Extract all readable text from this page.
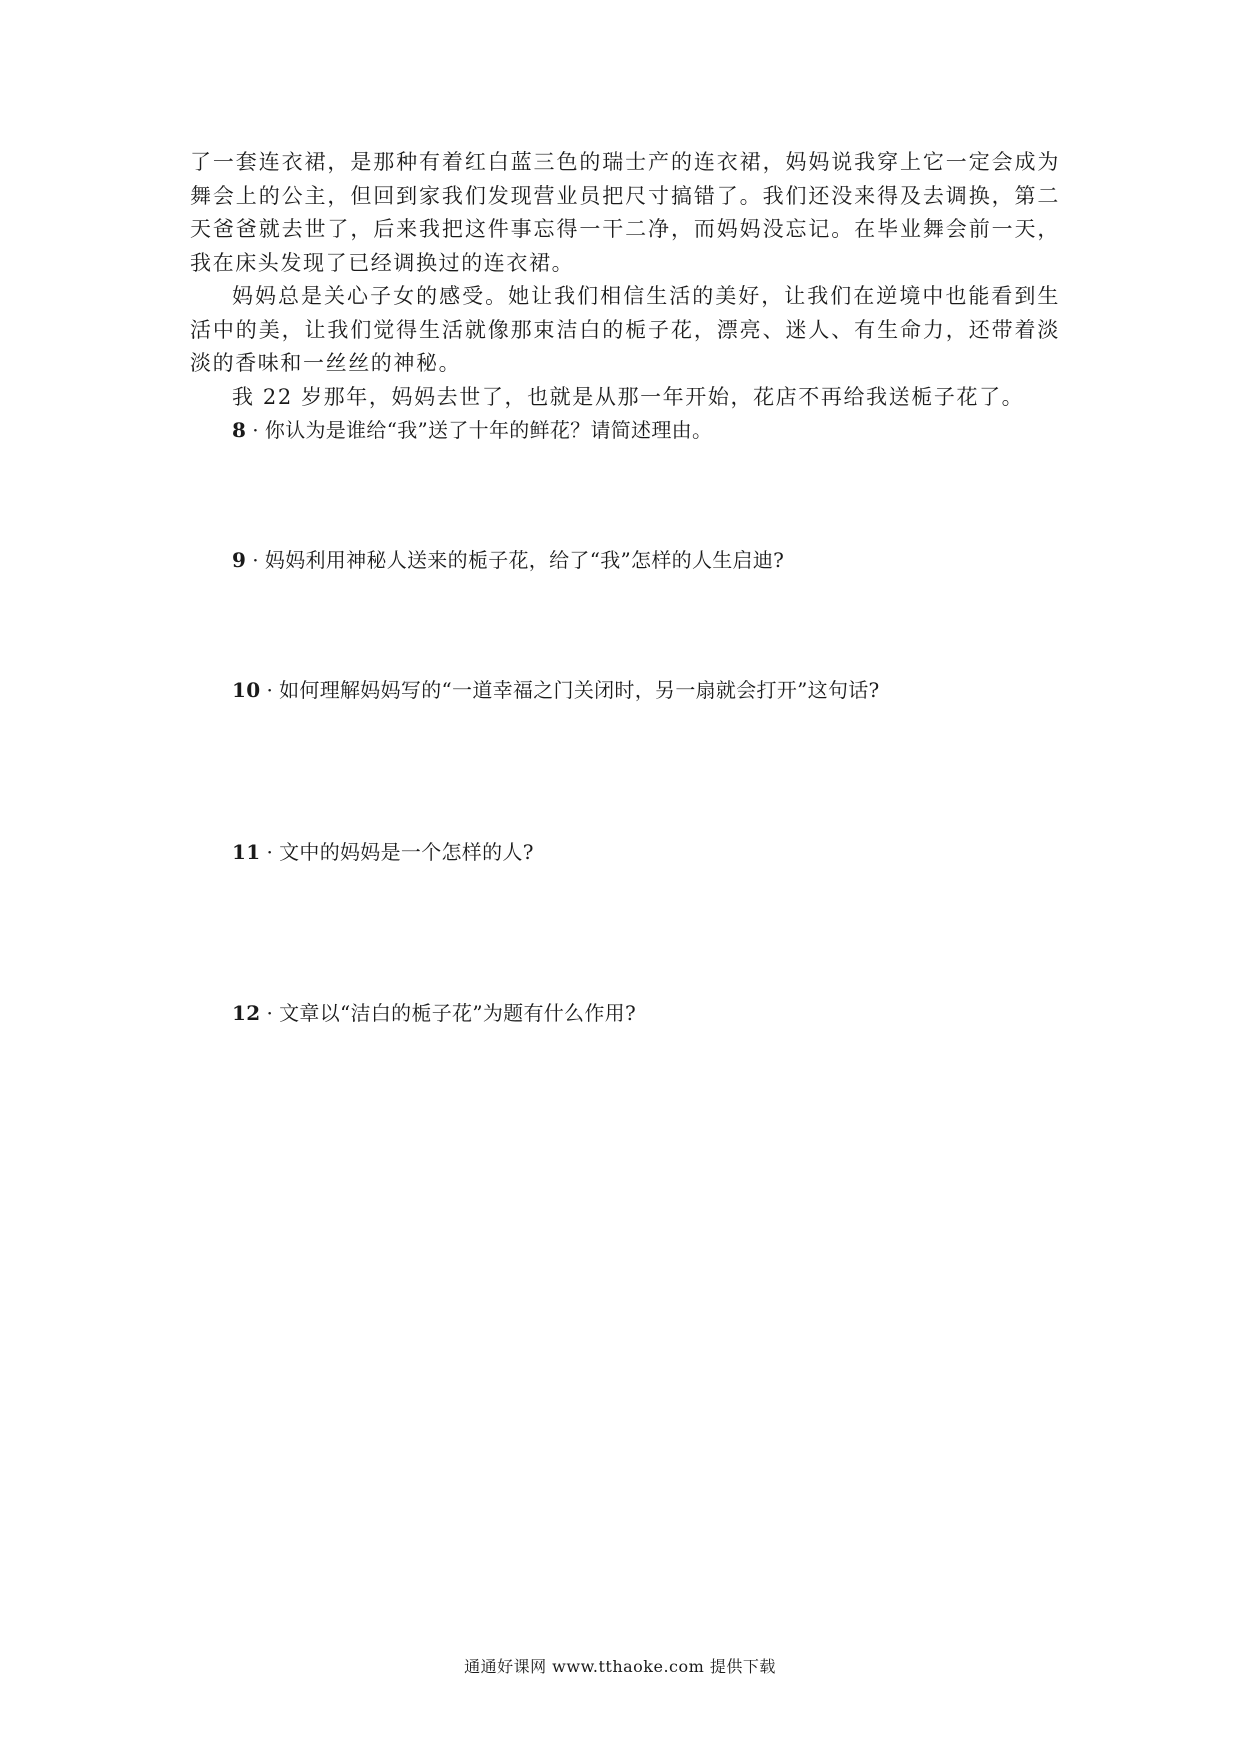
了一套连衣裙，是那种有着红白蓝三色的瑞士产的连衣裙，妈妈说我穿上它一定会成为舞会上的公主，但回到家我们发现营业员把尺寸搞错了。我们还没来得及去调换，第二天爸爸就去世了，后来我把这件事忘得一干二净，而妈妈没忘记。在毕业舞会前一天，我在床头发现了已经调换过的连衣裙。

妈妈总是关心子女的感受。她让我们相信生活的美好，让我们在逆境中也能看到生活中的美，让我们觉得生活就像那束洁白的栀子花，漂亮、迷人、有生命力，还带着淡淡的香味和一丝丝的神秘。

我 22 岁那年，妈妈去世了，也就是从那一年开始，花店不再给我送栀子花了。

8 · 你认为是谁给“我”送了十年的鲜花？请简述理由。
9 · 妈妈利用神秘人送来的栀子花，给了“我”怎样的人生启迪?
10 · 如何理解妈妈写的“一道幸福之门关闭时，另一扇就会打开”这句话?
11 · 文中的妈妈是一个怎样的人?
12 · 文章以“洁白的栀子花”为题有什么作用?
通通好课网 www.tthaoke.com 提供下载
